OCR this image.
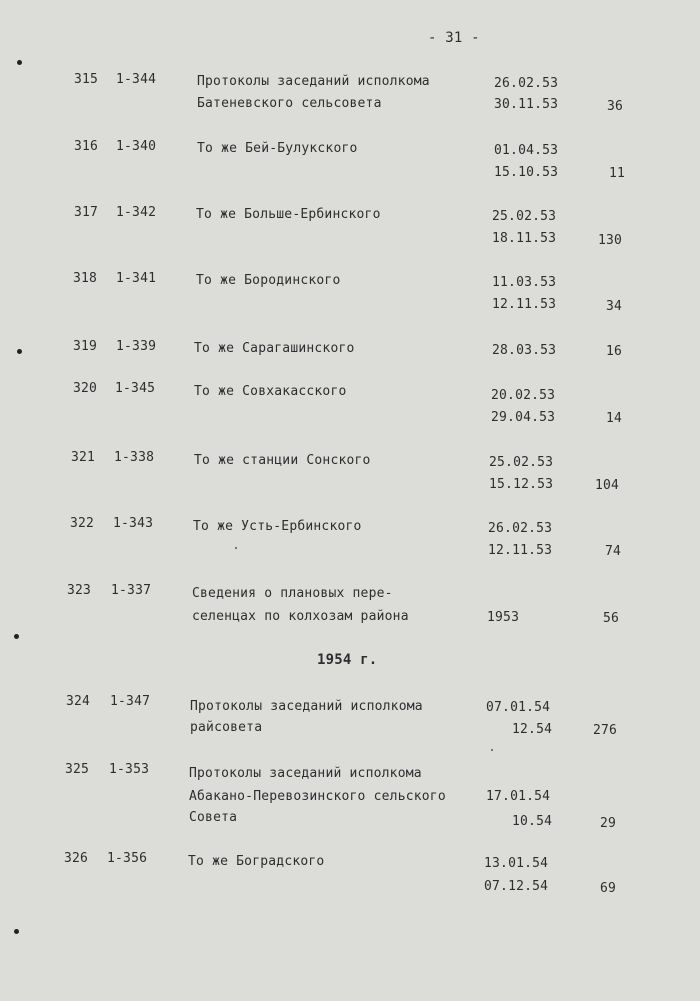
- 31 -
315 1-344	Протоколы заседаний исполкома
Батеневского сельсовета
26.02.53
30.11.53	36
316 1-340	То же Бей-Булукского	01.04.53
15.10.53	11
317 1-342	То же Больше-Ербинского	25.02.53
18.11.53	130
318 1-341	То же Бородинского	11.03.53
12.11.53	34
319 1-339	То же Сарагашинского	28.03.53	16
320 1-345	То же Совхакасского	20.02.53
29.04.53	14
321 1-338	То же станции Сонского	25.02.53
15.12.53	104
322 1-343	То же Усть-Ербинского	26.02.53
12.11.53	74
323 1-337	Сведения о плановых пере-
селенцах по колхозам района	1953	56
1954 г.
324 1-347	Протоколы заседаний исполкома
райсовета
07.01.54
12.54	276
325 1-353	Протоколы заседаний исполкома
Абакано-Перевозинского сельского
Совета
17.01.54
10.54	29
326 1-356	То же Боградского	13.01.54
07.12.54	69
